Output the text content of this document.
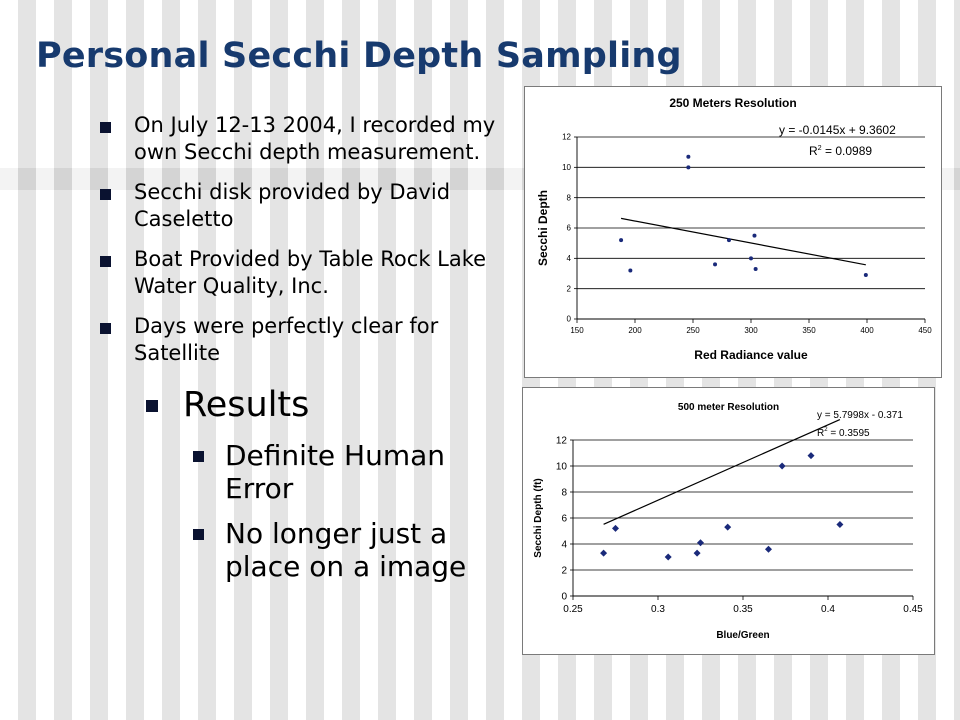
Personal Secchi Depth Sampling
On July 12-13 2004, I recorded my own Secchi depth measurement.
Secchi disk provided by David Caseletto
Boat Provided by Table Rock Lake Water Quality, Inc.
Days were perfectly clear for Satellite
Results
Definite Human Error
No longer just a place on a image
250 Meters Resolution
0
2
4
6
8
10
12
150	200	250	300	350	400	450
Red Radiance value
Secchi Depth
y = -0.0145x + 9.3602
$R^2 = 0.0989$
500 meter Resolution
0
2
4
6
8
10
12
0.25	0.3	0.35	0.4	0.45
Blue/Green
Secchi Depth (ft)
y = 5.7998x - 0.371
$R^2 = 0.3595$
